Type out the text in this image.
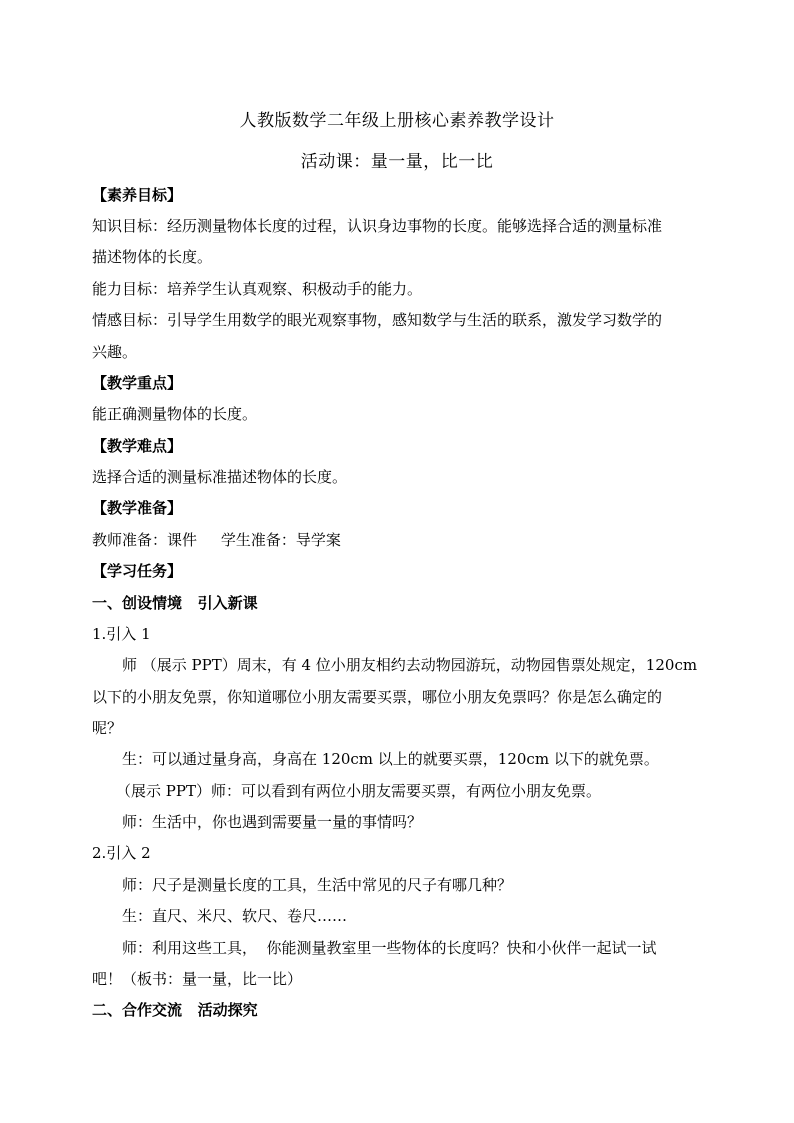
人教版数学二年级上册核心素养教学设计
活动课：量一量，比一比
【素养目标】
知识目标：经历测量物体长度的过程，认识身边事物的长度。能够选择合适的测量标准
描述物体的长度。
能力目标：培养学生认真观察、积极动手的能力。
情感目标：引导学生用数学的眼光观察事物，感知数学与生活的联系，激发学习数学的
兴趣。
【教学重点】
能正确测量物体的长度。
【教学难点】
选择合适的测量标准描述物体的长度。
【教学准备】
教师准备：课件     学生准备：导学案
【学习任务】
一、创设情境   引入新课
1.引入 1
师 （展示 PPT）周末，有 4 位小朋友相约去动物园游玩，动物园售票处规定，120cm
以下的小朋友免票，你知道哪位小朋友需要买票，哪位小朋友免票吗？你是怎么确定的
呢？
生：可以通过量身高，身高在 120cm 以上的就要买票，120cm 以下的就免票。
（展示 PPT）师：可以看到有两位小朋友需要买票，有两位小朋友免票。
师：生活中，你也遇到需要量一量的事情吗？
2.引入 2
师：尺子是测量长度的工具，生活中常见的尺子有哪几种？
生：直尺、米尺、软尺、卷尺……
师：利用这些工具，  你能测量教室里一些物体的长度吗？快和小伙伴一起试一试
吧！（板书：量一量，比一比）
二、合作交流   活动探究
